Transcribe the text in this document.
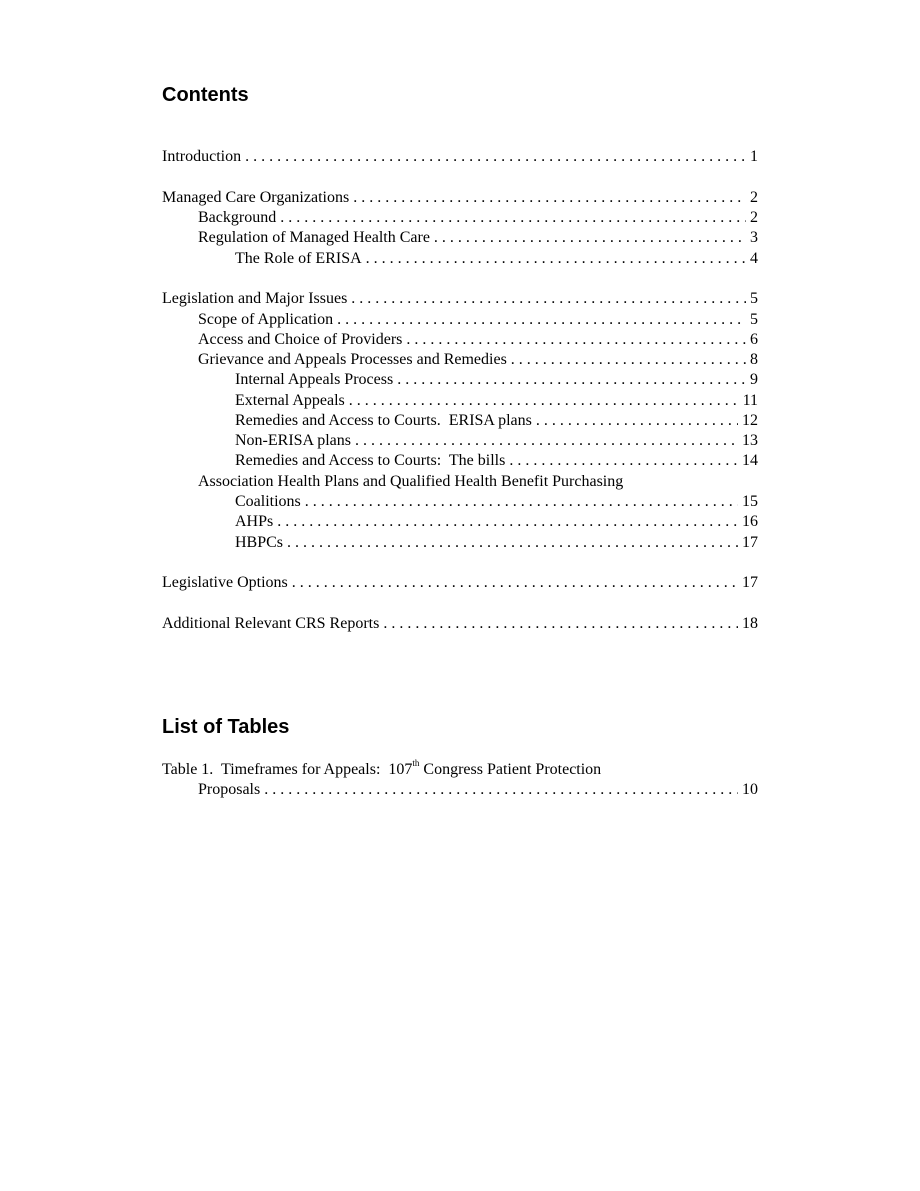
Contents
Introduction . . .	1
Managed Care Organizations . . .	2
Background . . .	2
Regulation of Managed Health Care . . .	3
The Role of ERISA . . .	4
Legislation and Major Issues . . .	5
Scope of Application . . .	5
Access and Choice of Providers . . .	6
Grievance and Appeals Processes and Remedies . . .	8
Internal Appeals Process . . .	9
External Appeals . . .	11
Remedies and Access to Courts.  ERISA plans . . .	12
Non-ERISA plans . . .	13
Remedies and Access to Courts:  The bills . . .	14
Association Health Plans and Qualified Health Benefit Purchasing
Coalitions . . .	15
AHPs . . .	16
HBPCs . . .	17
Legislative Options . . .	17
Additional Relevant CRS Reports . . .	18
List of Tables
Table 1.  Timeframes for Appeals:  107th Congress Patient Protection
Proposals . . .	10
